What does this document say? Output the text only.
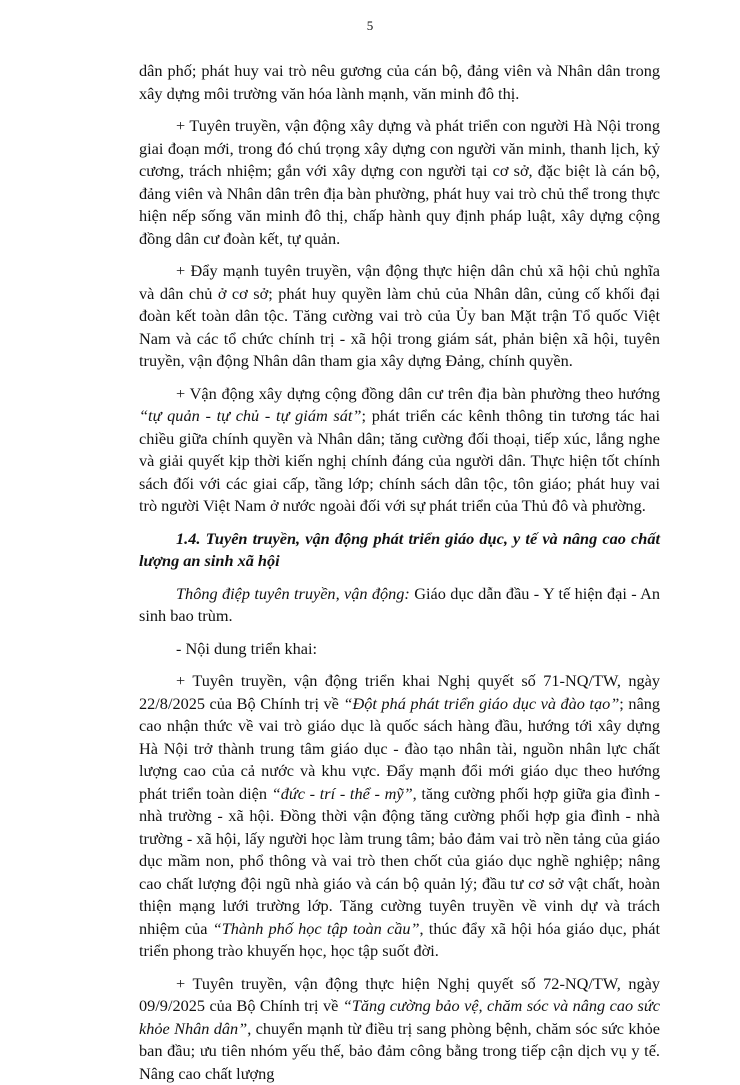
5

dân phố; phát huy vai trò nêu gương của cán bộ, đảng viên và Nhân dân trong xây dựng môi trường văn hóa lành mạnh, văn minh đô thị.

+ Tuyên truyền, vận động xây dựng và phát triển con người Hà Nội trong giai đoạn mới, trong đó chú trọng xây dựng con người văn minh, thanh lịch, kỷ cương, trách nhiệm; gắn với xây dựng con người tại cơ sở, đặc biệt là cán bộ, đảng viên và Nhân dân trên địa bàn phường, phát huy vai trò chủ thể trong thực hiện nếp sống văn minh đô thị, chấp hành quy định pháp luật, xây dựng cộng đồng dân cư đoàn kết, tự quản.

+ Đẩy mạnh tuyên truyền, vận động thực hiện dân chủ xã hội chủ nghĩa và dân chủ ở cơ sở; phát huy quyền làm chủ của Nhân dân, củng cố khối đại đoàn kết toàn dân tộc. Tăng cường vai trò của Ủy ban Mặt trận Tổ quốc Việt Nam và các tổ chức chính trị - xã hội trong giám sát, phản biện xã hội, tuyên truyền, vận động Nhân dân tham gia xây dựng Đảng, chính quyền.

+ Vận động xây dựng cộng đồng dân cư trên địa bàn phường theo hướng “tự quản - tự chủ - tự giám sát”; phát triển các kênh thông tin tương tác hai chiều giữa chính quyền và Nhân dân; tăng cường đối thoại, tiếp xúc, lắng nghe và giải quyết kịp thời kiến nghị chính đáng của người dân. Thực hiện tốt chính sách đối với các giai cấp, tầng lớp; chính sách dân tộc, tôn giáo; phát huy vai trò người Việt Nam ở nước ngoài đối với sự phát triển của Thủ đô và phường.

1.4. Tuyên truyền, vận động phát triển giáo dục, y tế và nâng cao chất lượng an sinh xã hội

Thông điệp tuyên truyền, vận động: Giáo dục dẫn đầu - Y tế hiện đại - An sinh bao trùm.

- Nội dung triển khai:

+ Tuyên truyền, vận động triển khai Nghị quyết số 71-NQ/TW, ngày 22/8/2025 của Bộ Chính trị về “Đột phá phát triển giáo dục và đào tạo”; nâng cao nhận thức về vai trò giáo dục là quốc sách hàng đầu, hướng tới xây dựng Hà Nội trở thành trung tâm giáo dục - đào tạo nhân tài, nguồn nhân lực chất lượng cao của cả nước và khu vực. Đẩy mạnh đổi mới giáo dục theo hướng phát triển toàn diện “đức - trí - thể - mỹ”, tăng cường phối hợp giữa gia đình - nhà trường - xã hội. Đồng thời vận động tăng cường phối hợp gia đình - nhà trường - xã hội, lấy người học làm trung tâm; bảo đảm vai trò nền tảng của giáo dục mầm non, phổ thông và vai trò then chốt của giáo dục nghề nghiệp; nâng cao chất lượng đội ngũ nhà giáo và cán bộ quản lý; đầu tư cơ sở vật chất, hoàn thiện mạng lưới trường lớp. Tăng cường tuyên truyền về vinh dự và trách nhiệm của “Thành phố học tập toàn cầu”, thúc đẩy xã hội hóa giáo dục, phát triển phong trào khuyến học, học tập suốt đời.

+ Tuyên truyền, vận động thực hiện Nghị quyết số 72-NQ/TW, ngày 09/9/2025 của Bộ Chính trị về “Tăng cường bảo vệ, chăm sóc và nâng cao sức khỏe Nhân dân”, chuyển mạnh từ điều trị sang phòng bệnh, chăm sóc sức khỏe ban đầu; ưu tiên nhóm yếu thế, bảo đảm công bằng trong tiếp cận dịch vụ y tế. Nâng cao chất lượng
